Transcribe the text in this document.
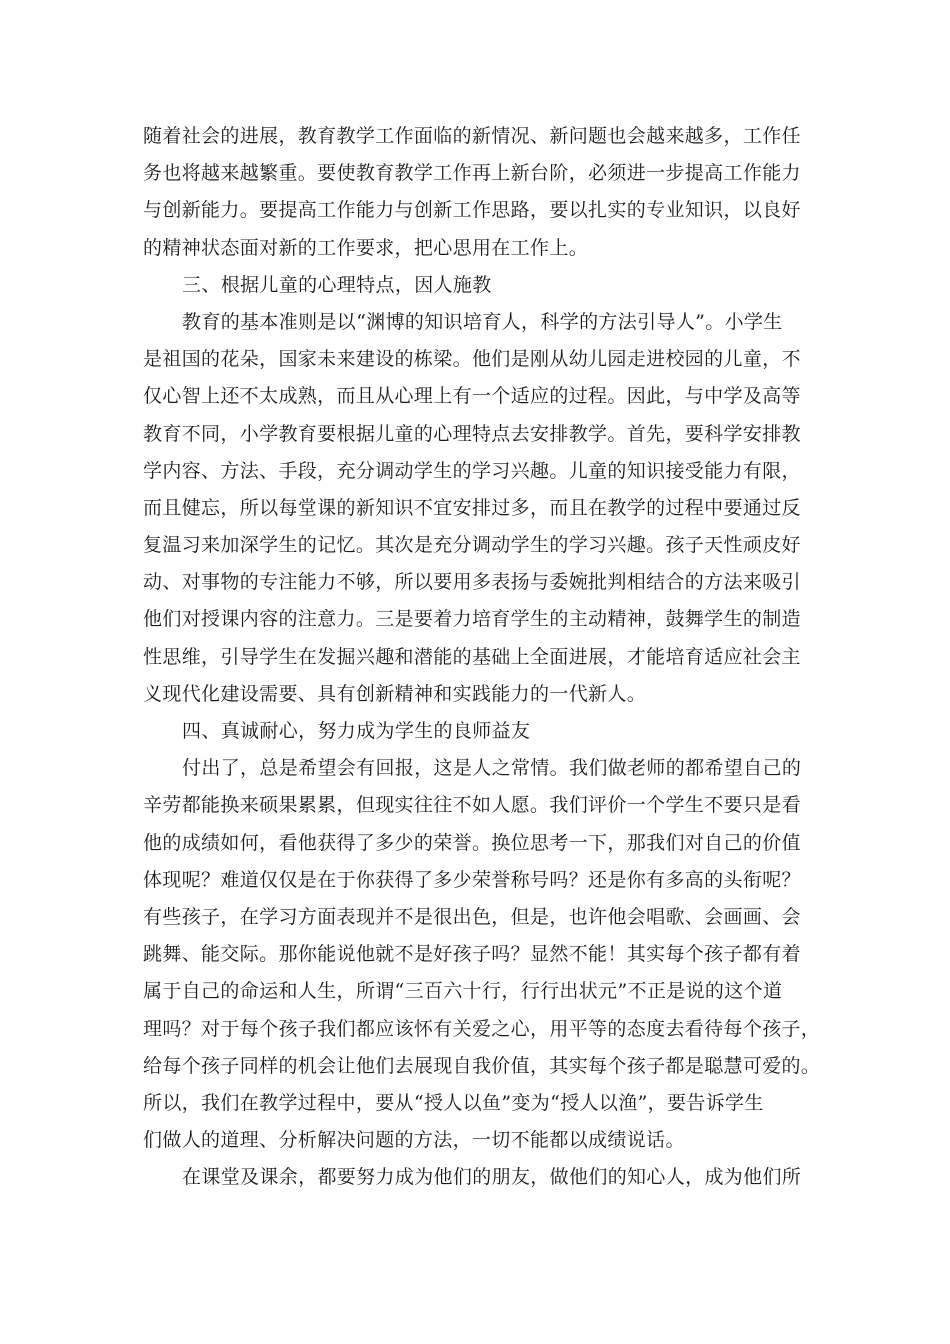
随着社会的进展，教育教学工作面临的新情况、新问题也会越来越多，工作任
务也将越来越繁重。要使教育教学工作再上新台阶，必须进一步提高工作能力
与创新能力。要提高工作能力与创新工作思路，要以扎实的专业知识，以良好
的精神状态面对新的工作要求，把心思用在工作上。
三、根据儿童的心理特点，因人施教
教育的基本准则是以“渊博的知识培育人，科学的方法引导人”。小学生
是祖国的花朵，国家未来建设的栋梁。他们是刚从幼儿园走进校园的儿童，不
仅心智上还不太成熟，而且从心理上有一个适应的过程。因此，与中学及高等
教育不同，小学教育要根据儿童的心理特点去安排教学。首先，要科学安排教
学内容、方法、手段，充分调动学生的学习兴趣。儿童的知识接受能力有限，
而且健忘，所以每堂课的新知识不宜安排过多，而且在教学的过程中要通过反
复温习来加深学生的记忆。其次是充分调动学生的学习兴趣。孩子天性顽皮好
动、对事物的专注能力不够，所以要用多表扬与委婉批判相结合的方法来吸引
他们对授课内容的注意力。三是要着力培育学生的主动精神，鼓舞学生的制造
性思维，引导学生在发掘兴趣和潜能的基础上全面进展，才能培育适应社会主
义现代化建设需要、具有创新精神和实践能力的一代新人。
四、真诚耐心，努力成为学生的良师益友
付出了，总是希望会有回报，这是人之常情。我们做老师的都希望自己的
辛劳都能换来硕果累累，但现实往往不如人愿。我们评价一个学生不要只是看
他的成绩如何，看他获得了多少的荣誉。换位思考一下，那我们对自己的价值
体现呢？难道仅仅是在于你获得了多少荣誉称号吗？还是你有多高的头衔呢？
有些孩子，在学习方面表现并不是很出色，但是，也许他会唱歌、会画画、会
跳舞、能交际。那你能说他就不是好孩子吗？显然不能！其实每个孩子都有着
属于自己的命运和人生，所谓“三百六十行，行行出状元”不正是说的这个道
理吗？对于每个孩子我们都应该怀有关爱之心，用平等的态度去看待每个孩子，
给每个孩子同样的机会让他们去展现自我价值，其实每个孩子都是聪慧可爱的。
所以，我们在教学过程中，要从“授人以鱼”变为“授人以渔”，要告诉学生
们做人的道理、分析解决问题的方法，一切不能都以成绩说话。
在课堂及课余，都要努力成为他们的朋友，做他们的知心人，成为他们所
